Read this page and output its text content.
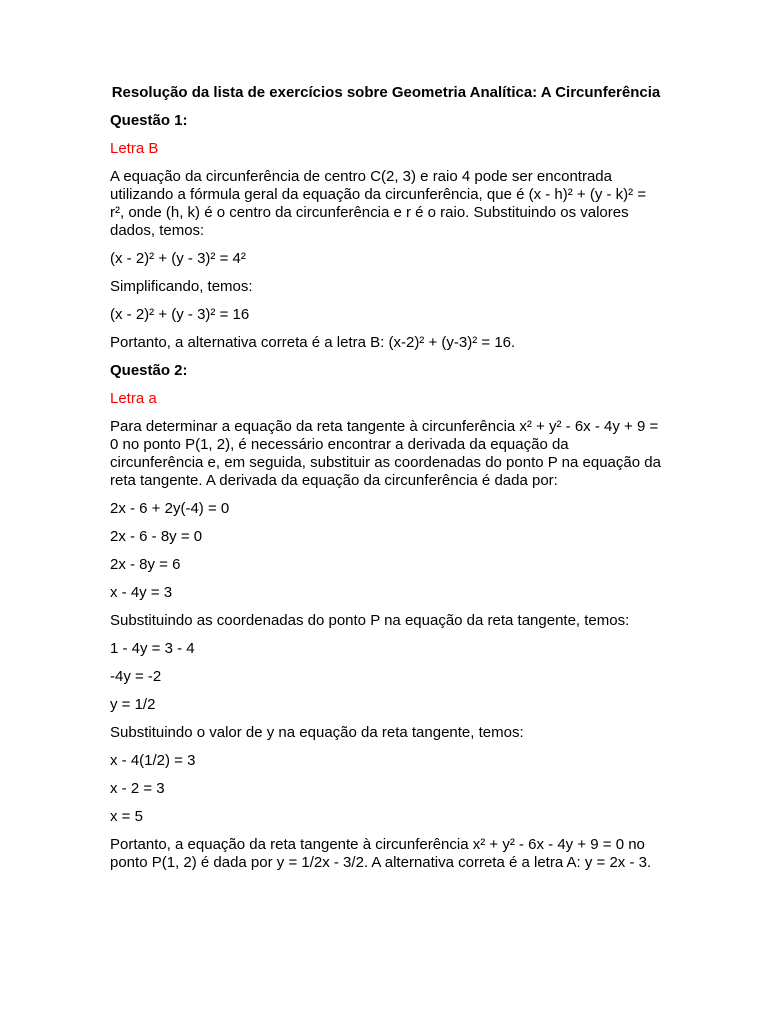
Resolução da lista de exercícios sobre Geometria Analítica: A Circunferência
Questão 1:
Letra B
A equação da circunferência de centro C(2, 3) e raio 4 pode ser encontrada utilizando a fórmula geral da equação da circunferência, que é (x - h)² + (y - k)² = r², onde (h, k) é o centro da circunferência e r é o raio. Substituindo os valores dados, temos:
(x - 2)² + (y - 3)² = 4²
Simplificando, temos:
(x - 2)² + (y - 3)² = 16
Portanto, a alternativa correta é a letra B: (x-2)² + (y-3)² = 16.
Questão 2:
Letra a
Para determinar a equação da reta tangente à circunferência x² + y² - 6x - 4y + 9 = 0 no ponto P(1, 2), é necessário encontrar a derivada da equação da circunferência e, em seguida, substituir as coordenadas do ponto P na equação da reta tangente. A derivada da equação da circunferência é dada por:
2x - 6 + 2y(-4) = 0
2x - 6 - 8y = 0
2x - 8y = 6
x - 4y = 3
Substituindo as coordenadas do ponto P na equação da reta tangente, temos:
1 - 4y = 3 - 4
-4y = -2
y = 1/2
Substituindo o valor de y na equação da reta tangente, temos:
x - 4(1/2) = 3
x - 2 = 3
x = 5
Portanto, a equação da reta tangente à circunferência x² + y² - 6x - 4y + 9 = 0 no ponto P(1, 2) é dada por y = 1/2x - 3/2. A alternativa correta é a letra A: y = 2x - 3.
